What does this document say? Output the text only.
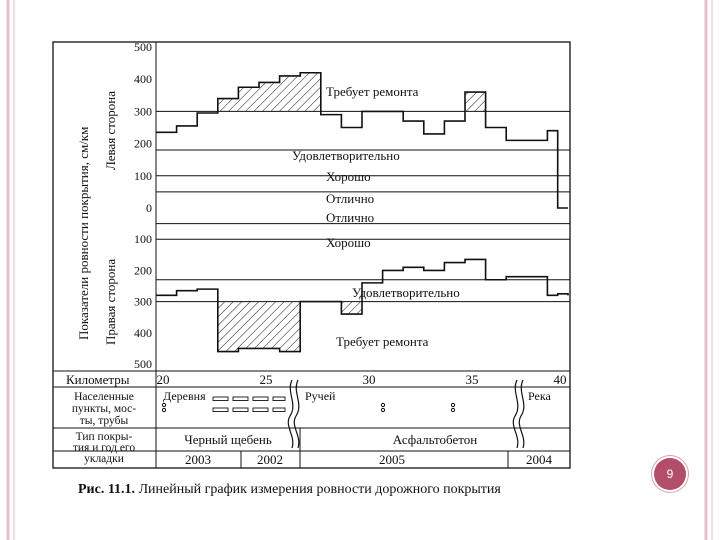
Показатели ровности покрытия, см/км Левая сторона
Правая сторона
500
400
300
200
100
0
Требует ремонта
Удовлетворительно
Хорошо
Отлично
100
200
300
400
500
Отлично
Хорошо
Удовлетворительно
Требует ремонта
Километры 20	25	30	35	40
Населенные пункты, мос-ты, трубы
Деревня	Ручей	Река
Тип покры-тия и год его укладки
Черный щебень	Асфальтобетон
2003	2002	2005	2004
Рис. 11.1. Линейный график измерения ровности дорожного покрытия
9
